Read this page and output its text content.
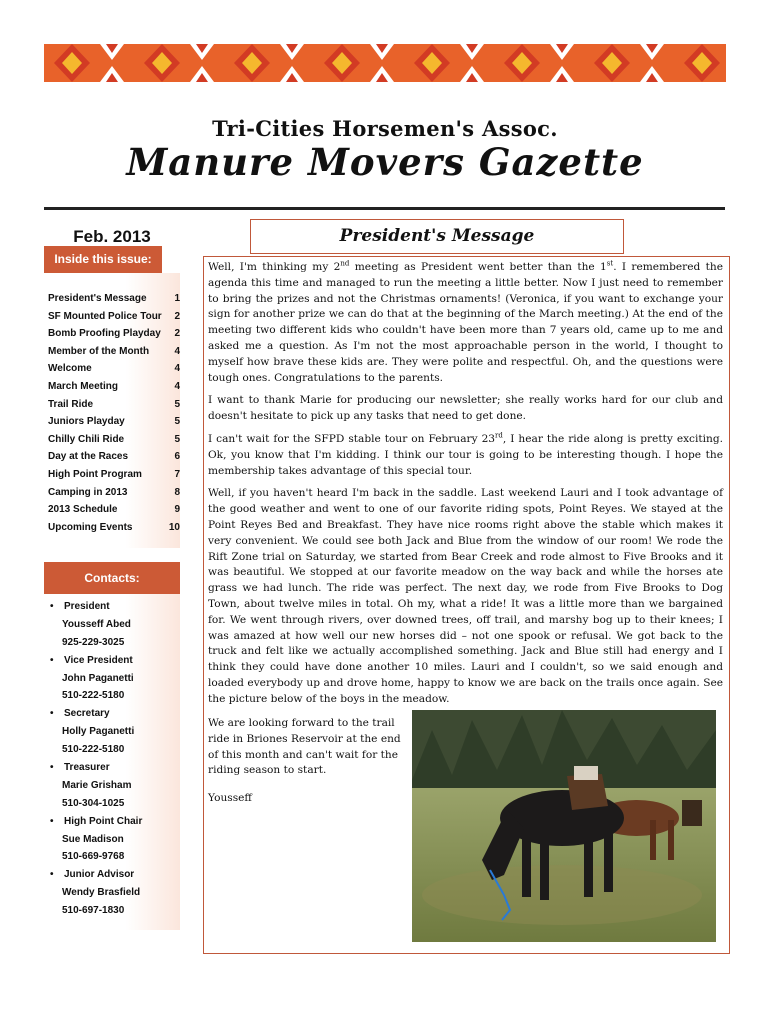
Tri-Cities Horsemen's Assoc.
Manure Movers Gazette
Feb. 2013
Inside this issue:
President's Message	1
SF Mounted Police Tour 2
Bomb Proofing Playday 2
Member of the Month	4
Welcome	4
March Meeting	4
Trail Ride	5
Juniors Playday	5
Chilly Chili Ride	5
Day at the Races	6
High Point Program	7
Camping in 2013	8
2013 Schedule	9
Upcoming Events	10
Contacts:
• President
Yousseff Abed
925-229-3025
• Vice President
John Paganetti
510-222-5180
• Secretary
Holly Paganetti
510-222-5180
• Treasurer
Marie Grisham
510-304-1025
• High Point Chair
Sue Madison
510-669-9768
• Junior Advisor
Wendy Brasfield
510-697-1830
President's Message

Well, I'm thinking my 2nd meeting as President went better than the 1st. I remembered the agenda this time and managed to run the meeting a little better. Now I just need to remember to bring the prizes and not the Christmas ornaments! (Veronica, if you want to exchange your sign for another prize we can do that at the beginning of the March meeting.) At the end of the meeting two different kids who couldn't have been more than 7 years old, came up to me and asked me a question. As I'm not the most approachable person in the world, I thought to myself how brave these kids are. They were polite and respectful. Oh, and the questions were tough ones. Congratulations to the parents.

I want to thank Marie for producing our newsletter; she really works hard for our club and doesn't hesitate to pick up any tasks that need to get done.

I can't wait for the SFPD stable tour on February 23rd, I hear the ride along is pretty exciting. Ok, you know that I'm kidding. I think our tour is going to be interesting though. I hope the membership takes advantage of this special tour.

Well, if you haven't heard I'm back in the saddle. Last weekend Lauri and I took advantage of the good weather and went to one of our favorite riding spots, Point Reyes. We stayed at the Point Reyes Bed and Breakfast. They have nice rooms right above the stable which makes it very convenient. We could see both Jack and Blue from the window of our room! We rode the Rift Zone trial on Saturday, we started from Bear Creek and rode almost to Five Brooks and it was beautiful. We stopped at our favorite meadow on the way back and while the horses ate grass we had lunch. The ride was perfect. The next day, we rode from Five Brooks to Dog Town, about twelve miles in total. Oh my, what a ride! It was a little more than we bargained for. We went through rivers, over downed trees, off trail, and marshy bog up to their knees; I was amazed at how well our new horses did – not one spook or refusal. We got back to the truck and felt like we actually accomplished something. Jack and Blue still had energy and I think they could have done another 10 miles. Lauri and I couldn't, so we said enough and loaded everybody up and drove home, happy to know we are back on the trails once again. See the picture below of the boys in the meadow.

We are looking forward to the trail ride in Briones Reservoir at the end of this month and can't wait for the riding season to start.

Yousseff
